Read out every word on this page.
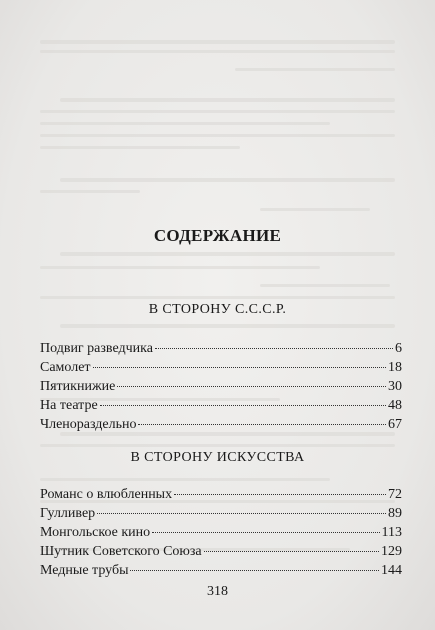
СОДЕРЖАНИЕ
В СТОРОНУ С.С.С.Р.
Подвиг разведчика	6
Самолет	18
Пятикнижие	30
На театре	48
Членораздельно	67
В СТОРОНУ ИСКУССТВА
Романс о влюбленных	72
Гулливер	89
Монгольское кино	113
Шутник Советского Союза	129
Медные трубы	144
318
